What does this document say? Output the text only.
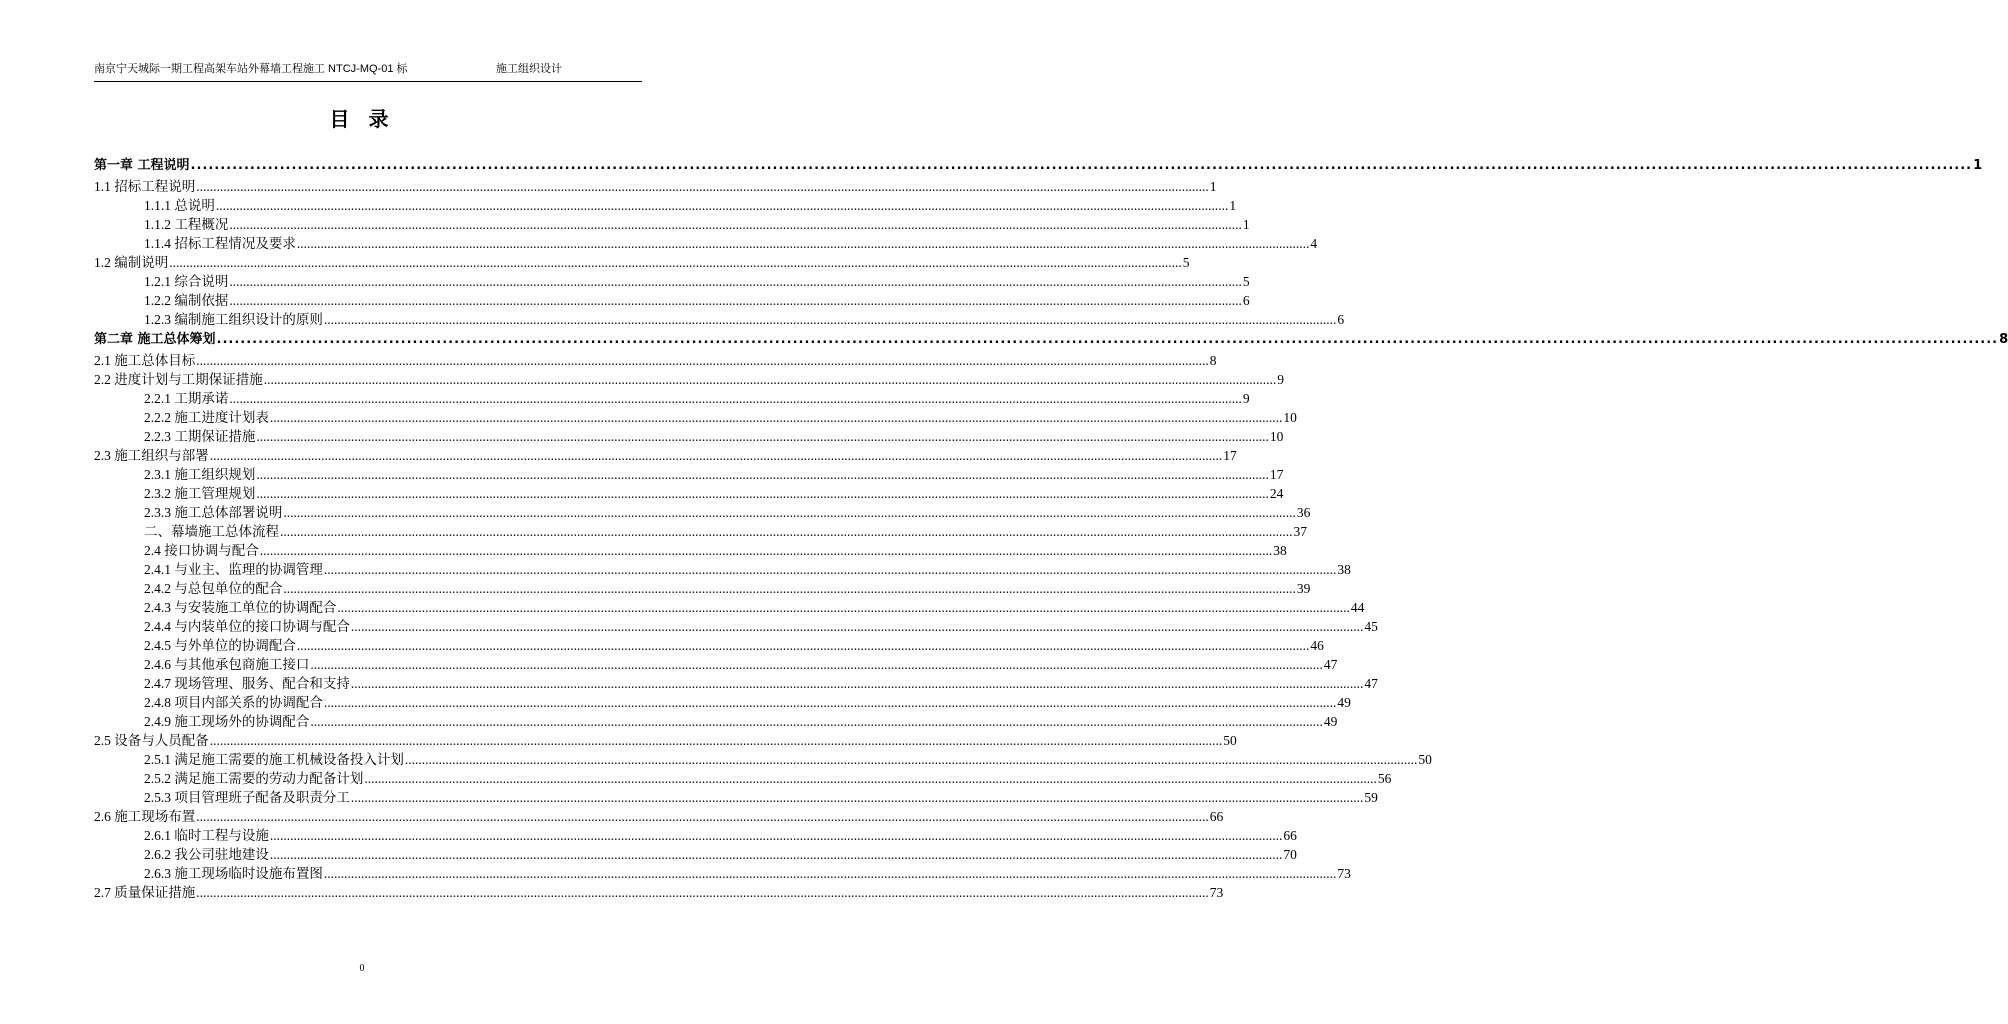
南京宁天城际一期工程高架车站外幕墙工程施工 NTCJ-MQ-01 标	施工组织设计
目 录
第一章 工程说明 ............................................................................................................................................................................................................................................................................................................ 1
1.1 招标工程说明 ............................................................................................................................................................................................................................................................................................................ 1
1.1.1 总说明 ............................................................................................................................................................................................................................................................................................................ 1
1.1.2 工程概况 ............................................................................................................................................................................................................................................................................................................ 1
1.1.4 招标工程情况及要求 ............................................................................................................................................................................................................................................................................................................ 4
1.2 编制说明 ............................................................................................................................................................................................................................................................................................................ 5
1.2.1 综合说明 ............................................................................................................................................................................................................................................................................................................ 5
1.2.2 编制依据 ............................................................................................................................................................................................................................................................................................................ 6
1.2.3 编制施工组织设计的原则 ............................................................................................................................................................................................................................................................................................................ 6
第二章 施工总体筹划 ............................................................................................................................................................................................................................................................................................................ 8
2.1 施工总体目标 ............................................................................................................................................................................................................................................................................................................ 8
2.2 进度计划与工期保证措施 ............................................................................................................................................................................................................................................................................................................ 9
2.2.1 工期承诺 ............................................................................................................................................................................................................................................................................................................ 9
2.2.2 施工进度计划表 ............................................................................................................................................................................................................................................................................................................ 10
2.2.3 工期保证措施 ............................................................................................................................................................................................................................................................................................................ 10
2.3 施工组织与部署 ............................................................................................................................................................................................................................................................................................................ 17
2.3.1 施工组织规划 ............................................................................................................................................................................................................................................................................................................ 17
2.3.2 施工管理规划 ............................................................................................................................................................................................................................................................................................................ 24
2.3.3 施工总体部署说明 ............................................................................................................................................................................................................................................................................................................ 36
二、幕墙施工总体流程 ............................................................................................................................................................................................................................................................................................................ 37
2.4 接口协调与配合 ............................................................................................................................................................................................................................................................................................................ 38
2.4.1 与业主、监理的协调管理 ............................................................................................................................................................................................................................................................................................................ 38
2.4.2 与总包单位的配合 ............................................................................................................................................................................................................................................................................................................ 39
2.4.3 与安装施工单位的协调配合 ............................................................................................................................................................................................................................................................................................................ 44
2.4.4 与内装单位的接口协调与配合 ............................................................................................................................................................................................................................................................................................................ 45
2.4.5 与外单位的协调配合 ............................................................................................................................................................................................................................................................................................................ 46
2.4.6 与其他承包商施工接口 ............................................................................................................................................................................................................................................................................................................ 47
2.4.7 现场管理、服务、配合和支持 ............................................................................................................................................................................................................................................................................................................ 47
2.4.8 项目内部关系的协调配合 ............................................................................................................................................................................................................................................................................................................ 49
2.4.9 施工现场外的协调配合 ............................................................................................................................................................................................................................................................................................................ 49
2.5 设备与人员配备 ............................................................................................................................................................................................................................................................................................................ 50
2.5.1 满足施工需要的施工机械设备投入计划 ............................................................................................................................................................................................................................................................................................................ 50
2.5.2 满足施工需要的劳动力配备计划 ............................................................................................................................................................................................................................................................................................................ 56
2.5.3 项目管理班子配备及职责分工 ............................................................................................................................................................................................................................................................................................................ 59
2.6 施工现场布置 ............................................................................................................................................................................................................................................................................................................ 66
2.6.1 临时工程与设施 ............................................................................................................................................................................................................................................................................................................ 66
2.6.2 我公司驻地建设 ............................................................................................................................................................................................................................................................................................................ 70
2.6.3 施工现场临时设施布置图 ............................................................................................................................................................................................................................................................................................................ 73
2.7 质量保证措施 ............................................................................................................................................................................................................................................................................................................ 73
0
